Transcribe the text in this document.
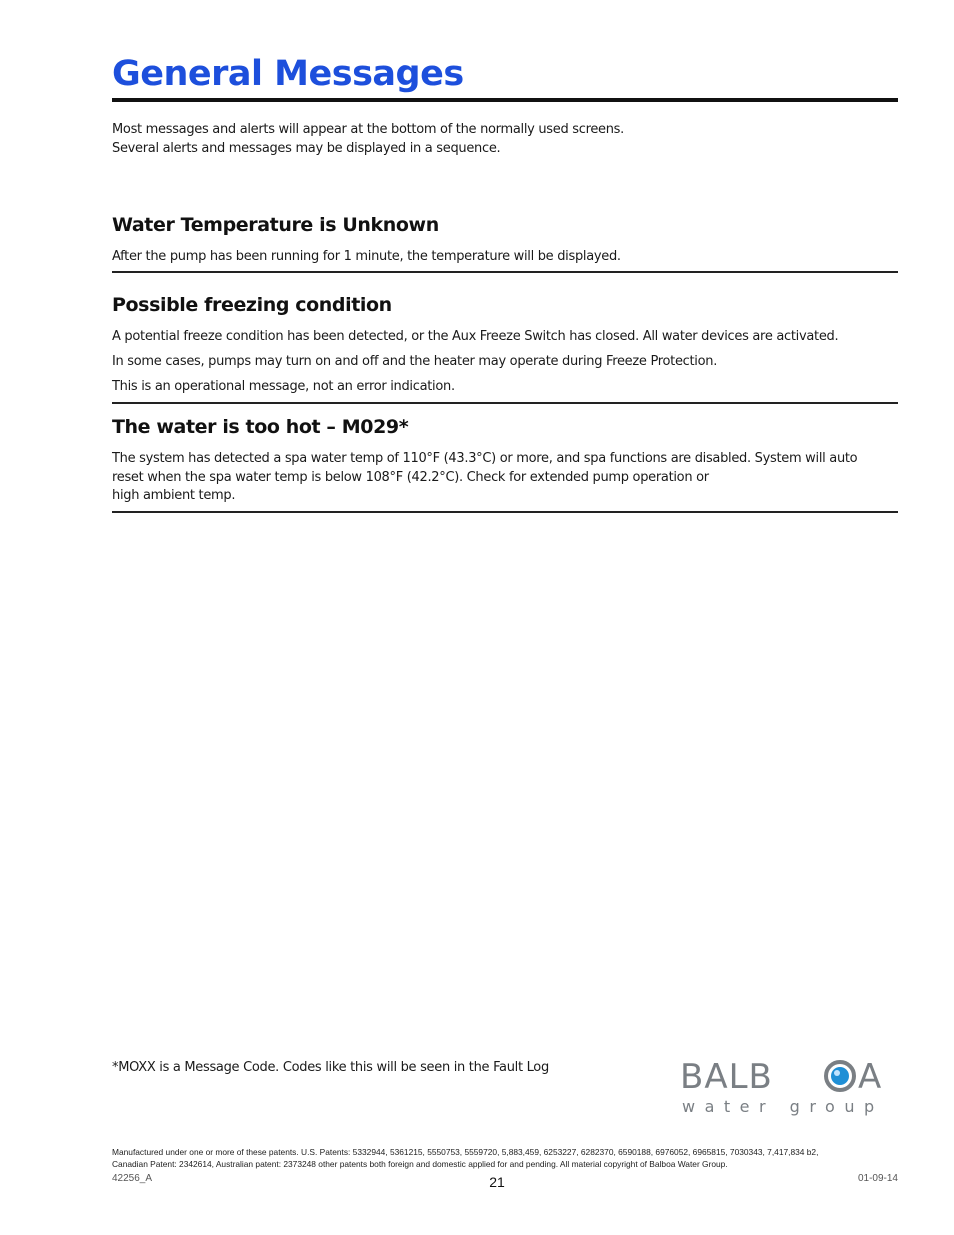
General Messages

Most messages and alerts will appear at the bottom of the normally used screens.

Several alerts and messages may be displayed in a sequence.

Water Temperature is Unknown

After the pump has been running for 1 minute, the temperature will be displayed.

Possible freezing condition

A potential freeze condition has been detected, or the Aux Freeze Switch has closed. All water devices are activated.

In some cases, pumps may turn on and off and the heater may operate during Freeze Protection.

This is an operational message, not an error indication.

The water is too hot – M029*

The system has detected a spa water temp of 110°F (43.3°C) or more, and spa functions are disabled. System will auto

reset when the spa water temp is below 108°F (42.2°C). Check for extended pump operation or

high ambient temp.

*MOXX is a Message Code. Codes like this will be seen in the Fault Log	BALB	A
water group
Manufactured under one or more of these patents. U.S. Patents: 5332944, 5361215, 5550753, 5559720, 5,883,459, 6253227, 6282370, 6590188, 6976052, 6965815, 7030343, 7,417,834 b2,
Canadian Patent: 2342614, Australian patent: 2373248 other patents both foreign and domestic applied for and pending. All material copyright of Balboa Water Group.
42256_A	21	01-09-14
